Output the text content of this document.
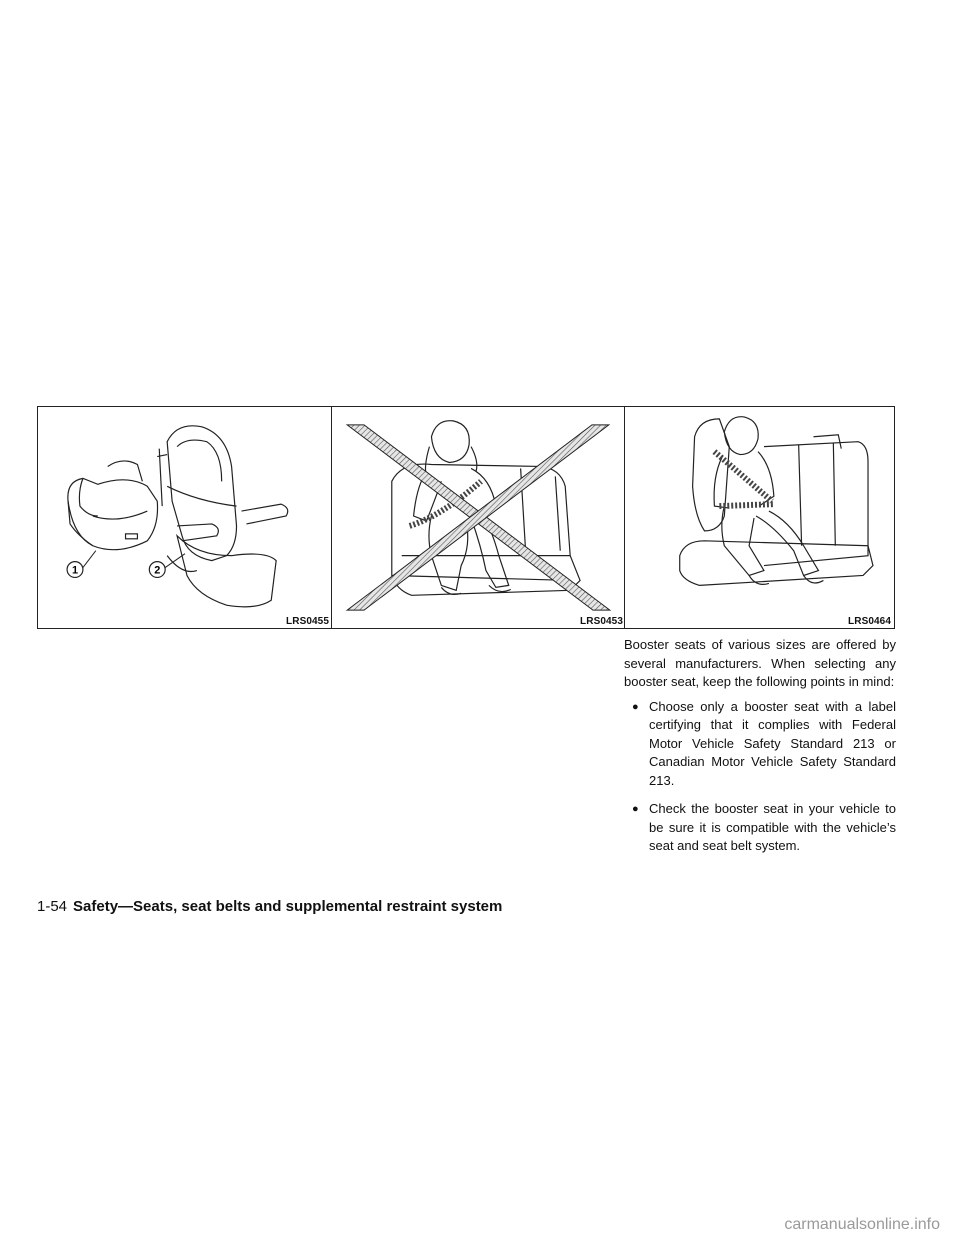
1	2
LRS0455	LRS0453	LRS0464

Booster seats of various sizes are offered by several manufacturers. When selecting any booster seat, keep the following points in mind:

● Choose only a booster seat with a label certifying that it complies with Federal Motor Vehicle Safety Standard 213 or Canadian Motor Vehicle Safety Standard 213.
● Check the booster seat in your vehicle to be sure it is compatible with the vehicle’s seat and seat belt system.
1-54 Safety—Seats, seat belts and supplemental restraint system
carmanualsonline.info
